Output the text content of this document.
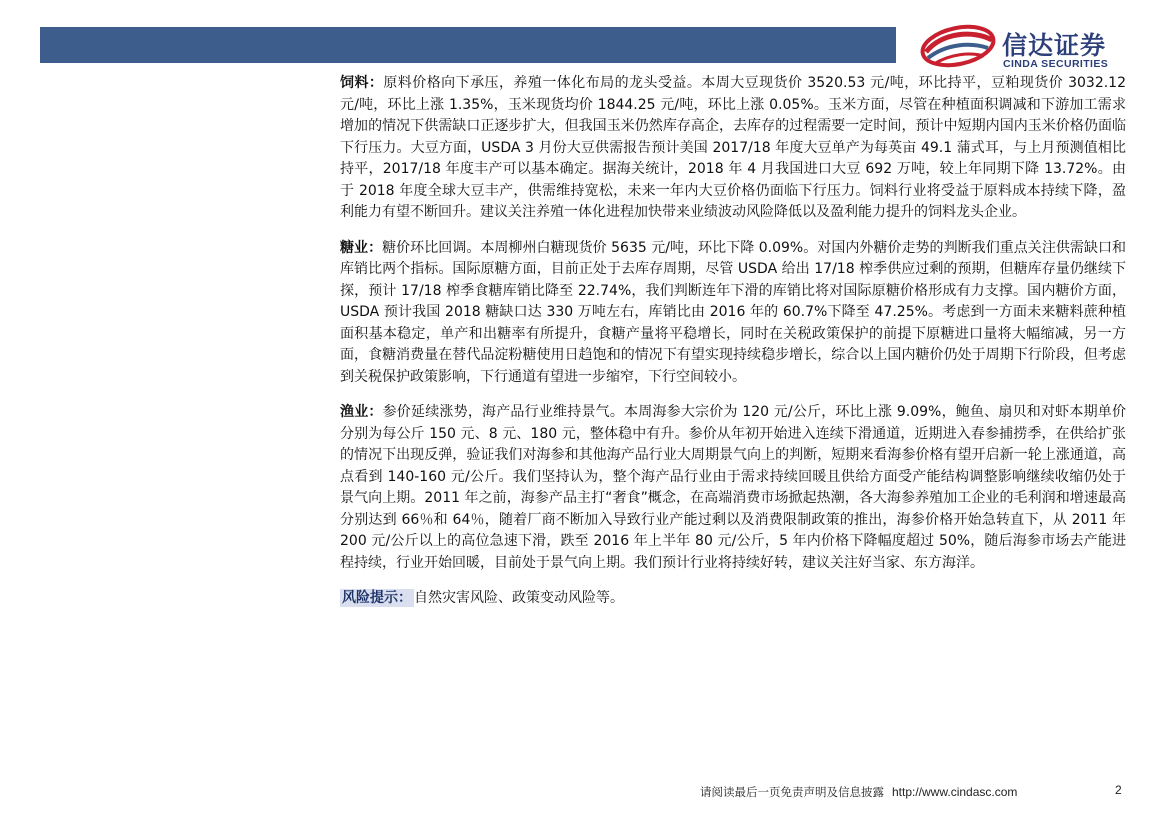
信达证券
CINDA SECURITIES

饲料：原料价格向下承压，养殖一体化布局的龙头受益。本周大豆现货价 3520.53 元/吨，环比持平，豆粕现货价 3032.12 元/吨，环比上涨 1.35%，玉米现货均价 1844.25 元/吨，环比上涨 0.05%。玉米方面，尽管在种植面积调减和下游加工需求增加的情况下供需缺口正逐步扩大，但我国玉米仍然库存高企，去库存的过程需要一定时间，预计中短期内国内玉米价格仍面临下行压力。大豆方面，USDA 3 月份大豆供需报告预计美国 2017/18 年度大豆单产为每英亩 49.1 蒲式耳，与上月预测值相比持平，2017/18 年度丰产可以基本确定。据海关统计，2018 年 4 月我国进口大豆 692 万吨，较上年同期下降 13.72%。由于 2018 年度全球大豆丰产，供需维持宽松，未来一年内大豆价格仍面临下行压力。饲料行业将受益于原料成本持续下降，盈利能力有望不断回升。建议关注养殖一体化进程加快带来业绩波动风险降低以及盈利能力提升的饲料龙头企业。

糖业：糖价环比回调。本周柳州白糖现货价 5635 元/吨，环比下降 0.09%。对国内外糖价走势的判断我们重点关注供需缺口和库销比两个指标。国际原糖方面，目前正处于去库存周期，尽管 USDA 给出 17/18 榨季供应过剩的预期，但糖库存量仍继续下探，预计 17/18 榨季食糖库销比降至 22.74%，我们判断连年下滑的库销比将对国际原糖价格形成有力支撑。国内糖价方面，USDA 预计我国 2018 糖缺口达 330 万吨左右，库销比由 2016 年的 60.7%下降至 47.25%。考虑到一方面未来糖料蔗种植面积基本稳定，单产和出糖率有所提升，食糖产量将平稳增长，同时在关税政策保护的前提下原糖进口量将大幅缩减，另一方面，食糖消费量在替代品淀粉糖使用日趋饱和的情况下有望实现持续稳步增长，综合以上国内糖价仍处于周期下行阶段，但考虑到关税保护政策影响，下行通道有望进一步缩窄，下行空间较小。

渔业：参价延续涨势，海产品行业维持景气。本周海参大宗价为 120 元/公斤，环比上涨 9.09%，鲍鱼、扇贝和对虾本期单价分别为每公斤 150 元、8 元、180 元，整体稳中有升。参价从年初开始进入连续下滑通道，近期进入春参捕捞季，在供给扩张的情况下出现反弹，验证我们对海参和其他海产品行业大周期景气向上的判断，短期来看海参价格有望开启新一轮上涨通道，高点看到 140-160 元/公斤。我们坚持认为，整个海产品行业由于需求持续回暖且供给方面受产能结构调整影响继续收缩仍处于景气向上期。2011 年之前，海参产品主打“奢食”概念，在高端消费市场掀起热潮，各大海参养殖加工企业的毛利润和增速最高分别达到 66％和 64％，随着厂商不断加入导致行业产能过剩以及消费限制政策的推出，海参价格开始急转直下，从 2011 年 200 元/公斤以上的高位急速下滑，跌至 2016 年上半年 80 元/公斤，5 年内价格下降幅度超过 50%，随后海参市场去产能进程持续，行业开始回暖，目前处于景气向上期。我们预计行业将持续好转，建议关注好当家、东方海洋。

风险提示： 自然灾害风险、政策变动风险等。
请阅读最后一页免责声明及信息披露 http://www.cindasc.com	2
